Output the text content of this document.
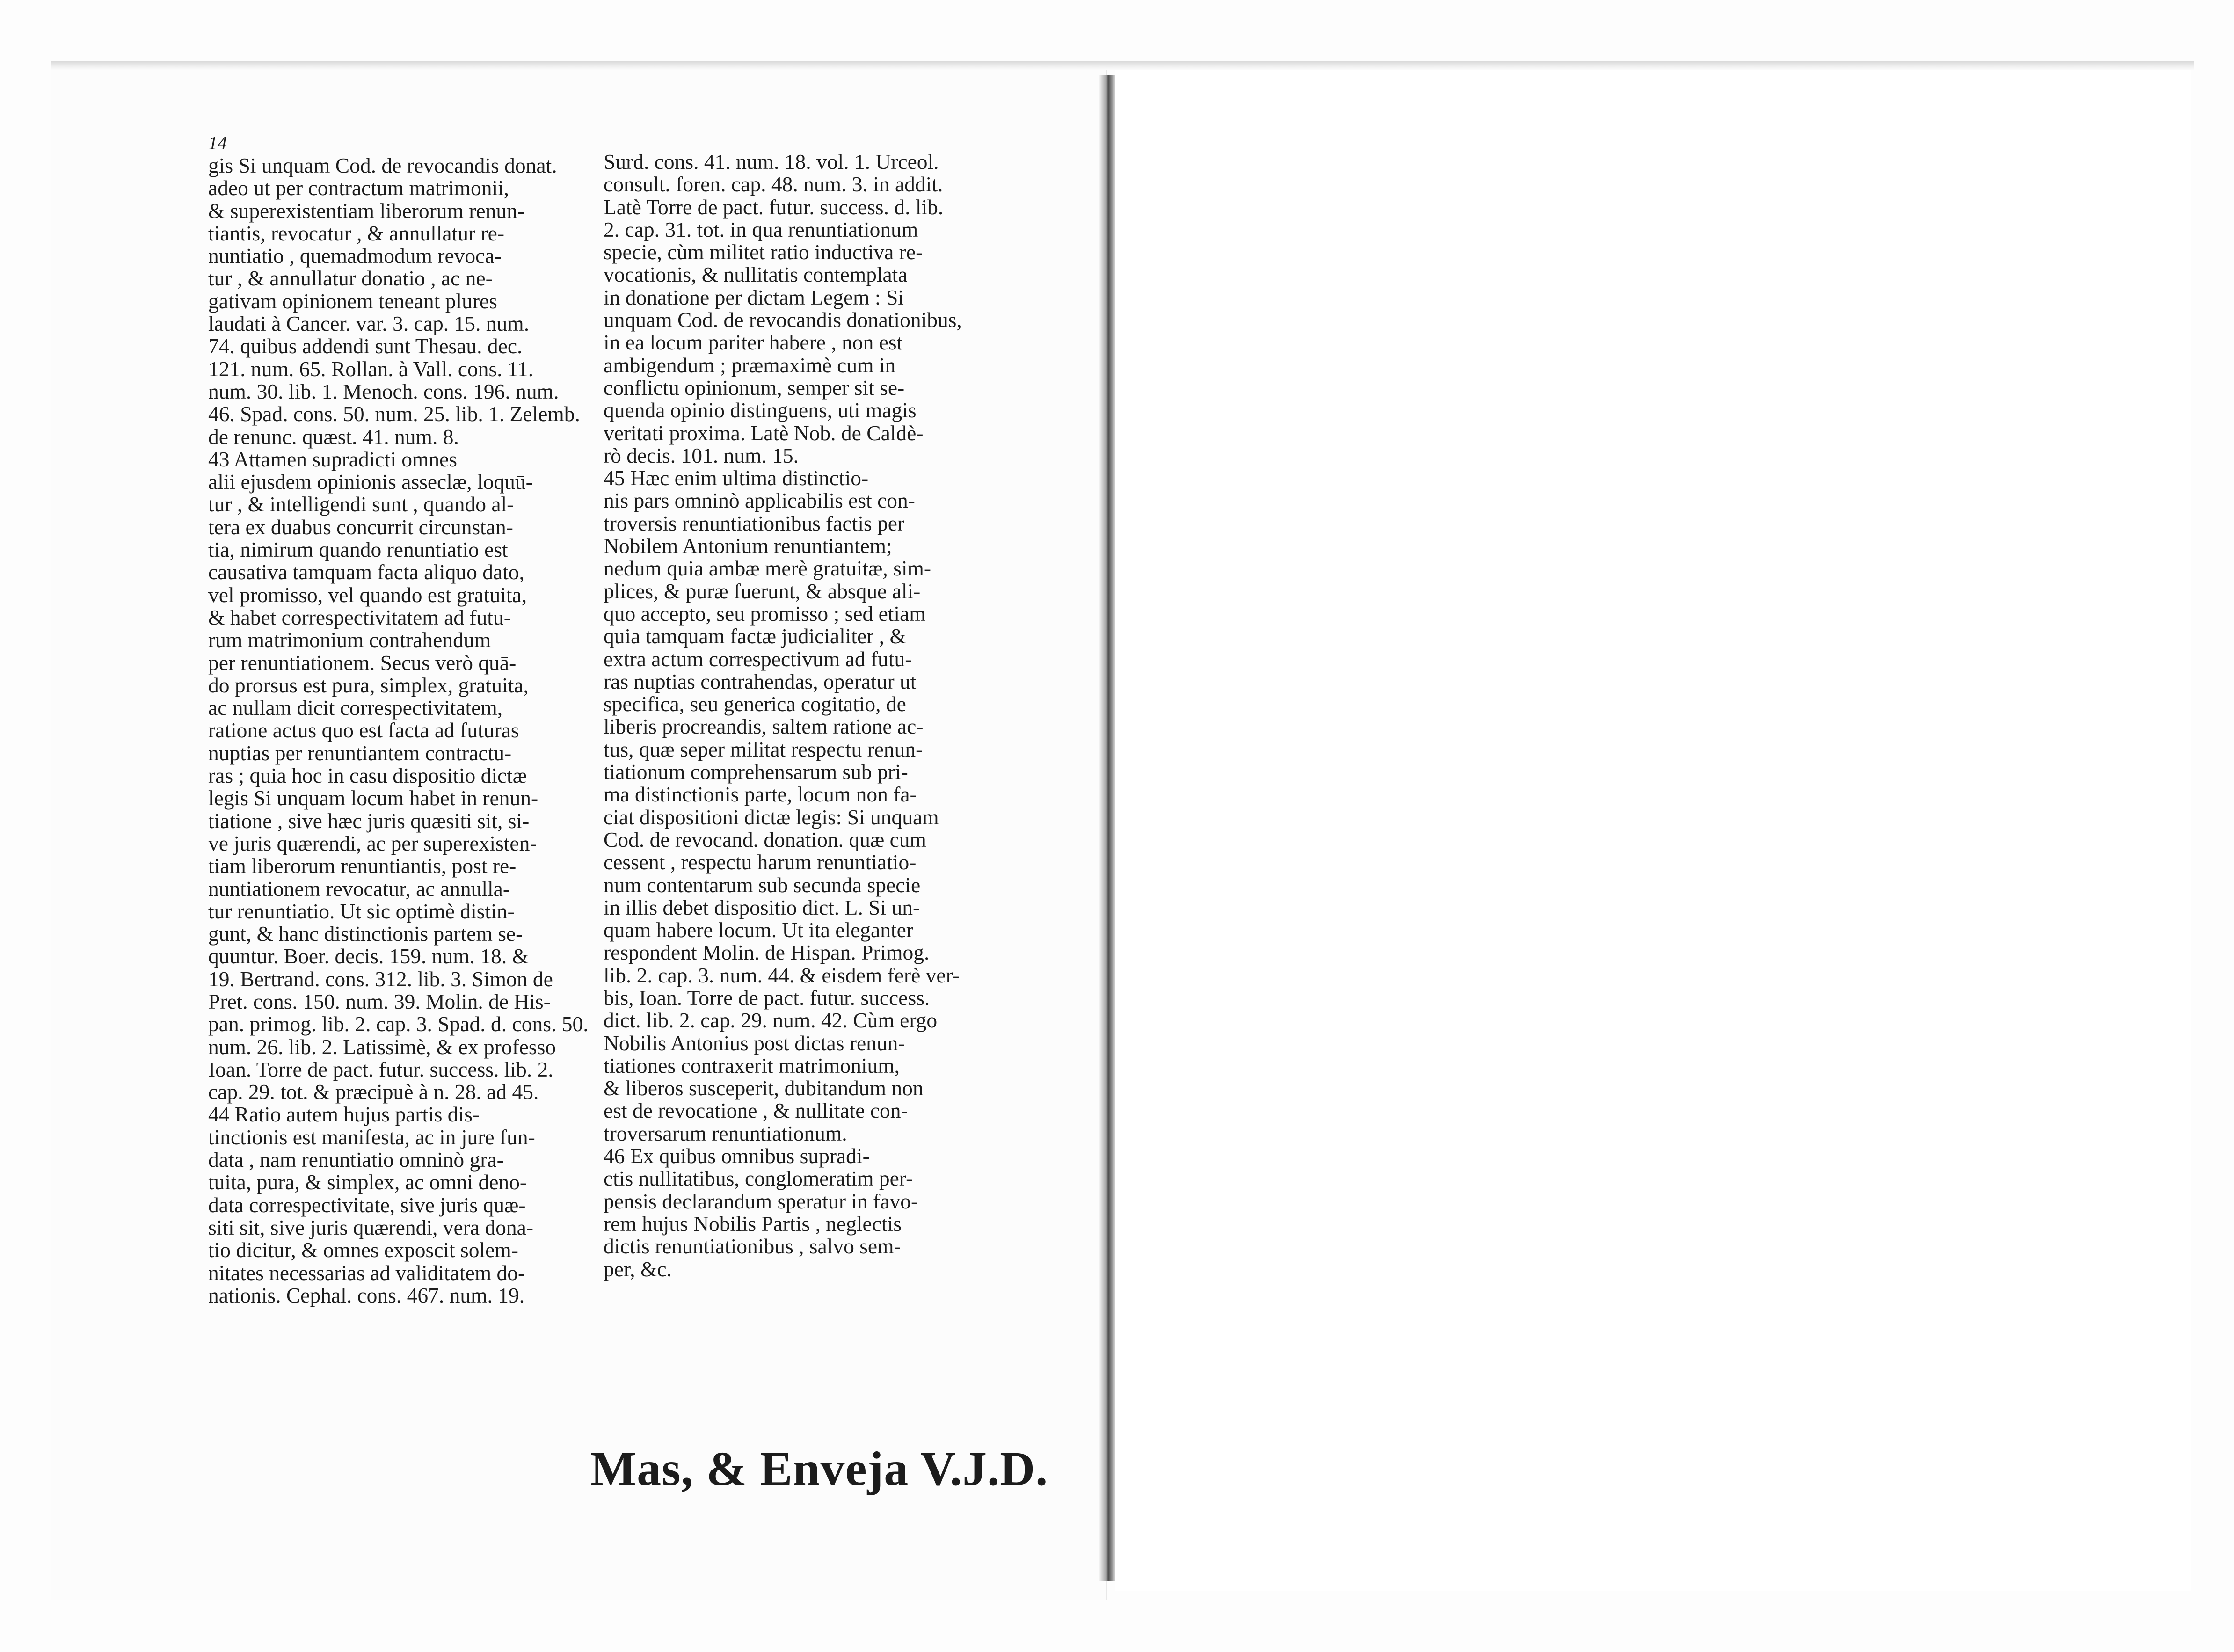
14
gis Si unquam Cod. de revocandis donat.
adeo ut per contractum matrimonii,
& superexistentiam liberorum renun-
tiantis, revocatur , & annullatur re-
nuntiatio , quemadmodum revoca-
tur , & annullatur donatio , ac ne-
gativam opinionem teneant plures
laudati à Cancer. var. 3. cap. 15. num.
74. quibus addendi sunt Thesau. dec.
121. num. 65. Rollan. à Vall. cons. 11.
num. 30. lib. 1. Menoch. cons. 196. num.
46. Spad. cons. 50. num. 25. lib. 1. Zelemb.
de renunc. quæst. 41. num. 8.
43 Attamen supradicti omnes
alii ejusdem opinionis asseclæ, loquū-
tur , & intelligendi sunt , quando al-
tera ex duabus concurrit circunstan-
tia, nimirum quando renuntiatio est
causativa tamquam facta aliquo dato,
vel promisso, vel quando est gratuita,
& habet correspectivitatem ad futu-
rum matrimonium contrahendum
per renuntiationem. Secus verò quā-
do prorsus est pura, simplex, gratuita,
ac nullam dicit correspectivitatem,
ratione actus quo est facta ad futuras
nuptias per renuntiantem contractu-
ras ; quia hoc in casu dispositio dictæ
legis Si unquam locum habet in renun-
tiatione , sive hæc juris quæsiti sit, si-
ve juris quærendi, ac per superexisten-
tiam liberorum renuntiantis, post re-
nuntiationem revocatur, ac annulla-
tur renuntiatio. Ut sic optimè distin-
gunt, & hanc distinctionis partem se-
quuntur. Boer. decis. 159. num. 18. &
19. Bertrand. cons. 312. lib. 3. Simon de
Pret. cons. 150. num. 39. Molin. de His-
pan. primog. lib. 2. cap. 3. Spad. d. cons. 50.
num. 26. lib. 2. Latissimè, & ex professo
Ioan. Torre de pact. futur. success. lib. 2.
cap. 29. tot. & præcipuè à n. 28. ad 45.
44 Ratio autem hujus partis dis-
tinctionis est manifesta, ac in jure fun-
data , nam renuntiatio omninò gra-
tuita, pura, & simplex, ac omni deno-
data correspectivitate, sive juris quæ-
siti sit, sive juris quærendi, vera dona-
tio dicitur, & omnes exposcit solem-
nitates necessarias ad validitatem do-
nationis. Cephal. cons. 467. num. 19.
Surd. cons. 41. num. 18. vol. 1. Urceol.
consult. foren. cap. 48. num. 3. in addit.
Latè Torre de pact. futur. success. d. lib.
2. cap. 31. tot. in qua renuntiationum
specie, cùm militet ratio inductiva re-
vocationis, & nullitatis contemplata
in donatione per dictam Legem : Si
unquam Cod. de revocandis donationibus,
in ea locum pariter habere , non est
ambigendum ; præmaximè cum in
conflictu opinionum, semper sit se-
quenda opinio distinguens, uti magis
veritati proxima. Latè Nob. de Caldè-
rò decis. 101. num. 15.
45 Hæc enim ultima distinctio-
nis pars omninò applicabilis est con-
troversis renuntiationibus factis per
Nobilem Antonium renuntiantem;
nedum quia ambæ merè gratuitæ, sim-
plices, & puræ fuerunt, & absque ali-
quo accepto, seu promisso ; sed etiam
quia tamquam factæ judicialiter , &
extra actum correspectivum ad futu-
ras nuptias contrahendas, operatur ut
specifica, seu generica cogitatio, de
liberis procreandis, saltem ratione ac-
tus, quæ seper militat respectu renun-
tiationum comprehensarum sub pri-
ma distinctionis parte, locum non fa-
ciat dispositioni dictæ legis: Si unquam
Cod. de revocand. donation. quæ cum
cessent , respectu harum renuntiatio-
num contentarum sub secunda specie
in illis debet dispositio dict. L. Si un-
quam habere locum. Ut ita eleganter
respondent Molin. de Hispan. Primog.
lib. 2. cap. 3. num. 44. & eisdem ferè ver-
bis, Ioan. Torre de pact. futur. success.
dict. lib. 2. cap. 29. num. 42. Cùm ergo
Nobilis Antonius post dictas renun-
tiationes contraxerit matrimonium,
& liberos susceperit, dubitandum non
est de revocatione , & nullitate con-
troversarum renuntiationum.
46 Ex quibus omnibus supradi-
ctis nullitatibus, conglomeratim per-
pensis declarandum speratur in favo-
rem hujus Nobilis Partis , neglectis
dictis renuntiationibus , salvo sem-
per, &c.
Mas, & Enveja V.J.D.
